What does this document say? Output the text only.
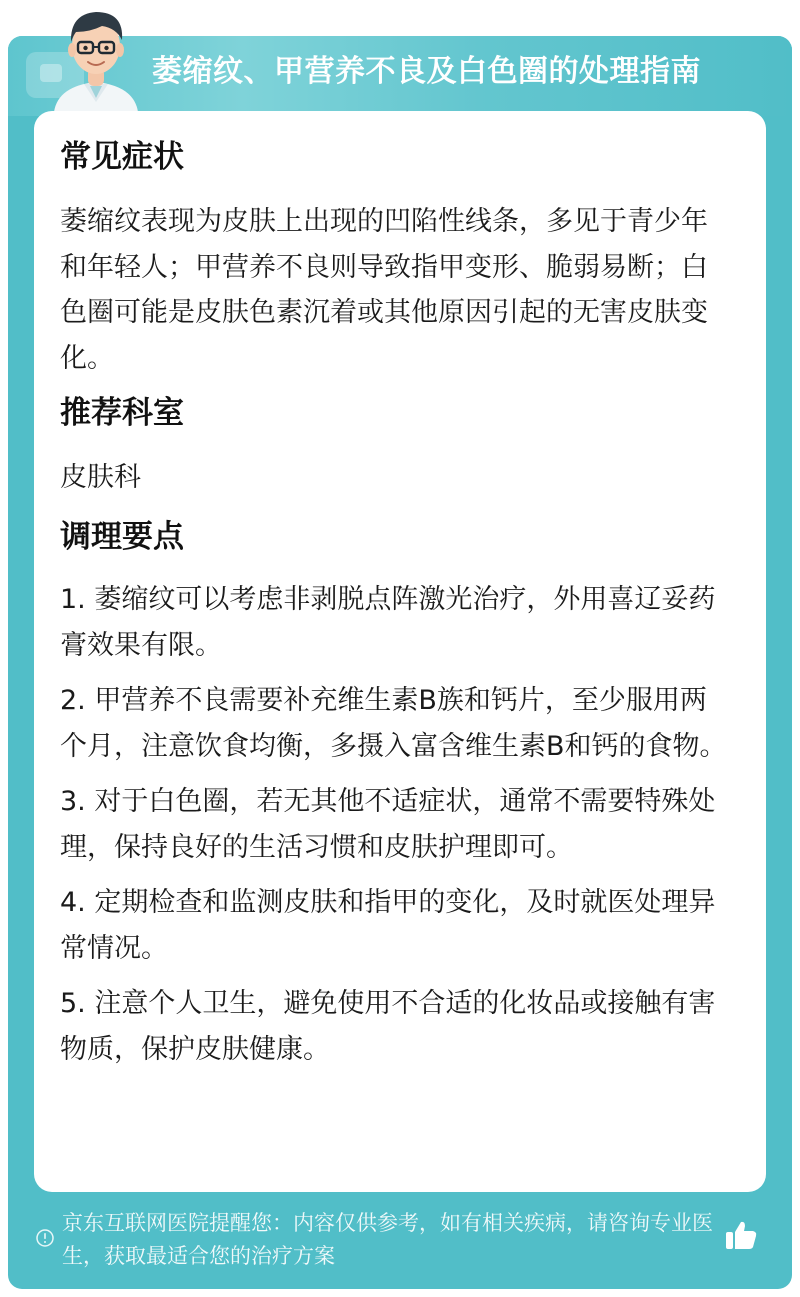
萎缩纹、甲营养不良及白色圈的处理指南
常见症状

萎缩纹表现为皮肤上出现的凹陷性线条，多见于青少年和年轻人；甲营养不良则导致指甲变形、脆弱易断；白色圈可能是皮肤色素沉着或其他原因引起的无害皮肤变化。

推荐科室

皮肤科

调理要点

1. 萎缩纹可以考虑非剥脱点阵激光治疗，外用喜辽妥药膏效果有限。

2. 甲营养不良需要补充维生素B族和钙片，至少服用两个月，注意饮食均衡，多摄入富含维生素B和钙的食物。

3. 对于白色圈，若无其他不适症状，通常不需要特殊处理，保持良好的生活习惯和皮肤护理即可。

4. 定期检查和监测皮肤和指甲的变化，及时就医处理异常情况。

5. 注意个人卫生，避免使用不合适的化妆品或接触有害物质，保护皮肤健康。

京东互联网医院提醒您：内容仅供参考，如有相关疾病，请咨询专业医生，获取最适合您的治疗方案
